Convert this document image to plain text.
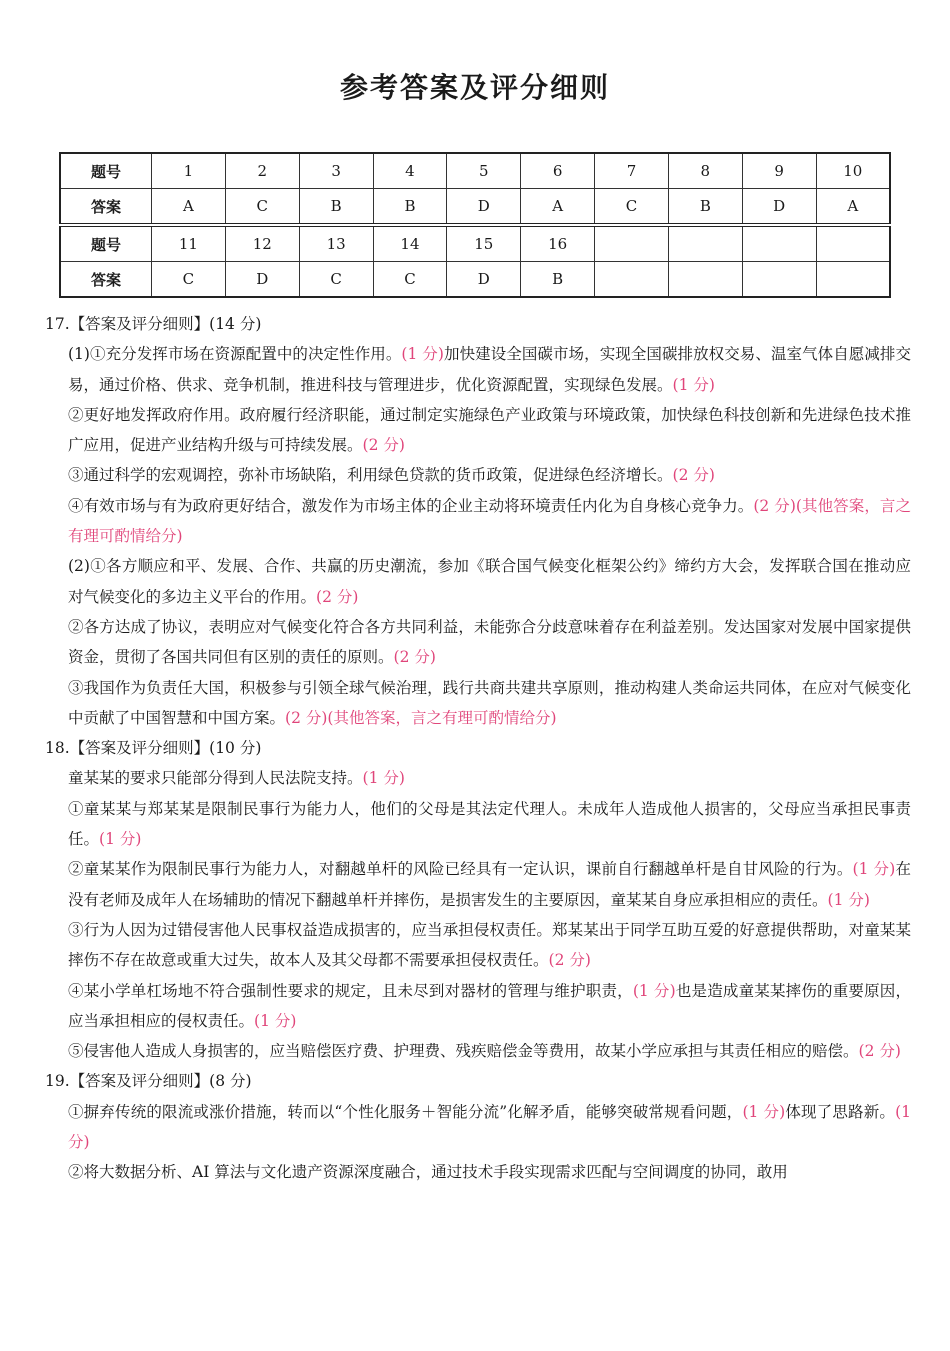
参考答案及评分细则
题号	1	2	3	4	5	6	7	8	9	10
答案	A	C	B	B	D	A	C	B	D	A
题号	11	12	13	14	15	16				
答案	C	D	C	C	D	B				

17.【答案及评分细则】(14 分)

(1)①充分发挥市场在资源配置中的决定性作用。(1 分)加快建设全国碳市场，实现全国碳排放权交易、温室气体自愿减排交易，通过价格、供求、竞争机制，推进科技与管理进步，优化资源配置，实现绿色发展。(1 分)

②更好地发挥政府作用。政府履行经济职能，通过制定实施绿色产业政策与环境政策，加快绿色科技创新和先进绿色技术推广应用，促进产业结构升级与可持续发展。(2 分)

③通过科学的宏观调控，弥补市场缺陷，利用绿色贷款的货币政策，促进绿色经济增长。(2 分)

④有效市场与有为政府更好结合，激发作为市场主体的企业主动将环境责任内化为自身核心竞争力。(2 分)(其他答案，言之有理可酌情给分)

(2)①各方顺应和平、发展、合作、共赢的历史潮流，参加《联合国气候变化框架公约》缔约方大会，发挥联合国在推动应对气候变化的多边主义平台的作用。(2 分)

②各方达成了协议，表明应对气候变化符合各方共同利益，未能弥合分歧意味着存在利益差别。发达国家对发展中国家提供资金，贯彻了各国共同但有区别的责任的原则。(2 分)

③我国作为负责任大国，积极参与引领全球气候治理，践行共商共建共享原则，推动构建人类命运共同体，在应对气候变化中贡献了中国智慧和中国方案。(2 分)(其他答案，言之有理可酌情给分)

18.【答案及评分细则】(10 分)

童某某的要求只能部分得到人民法院支持。(1 分)

①童某某与郑某某是限制民事行为能力人，他们的父母是其法定代理人。未成年人造成他人损害的，父母应当承担民事责任。(1 分)

②童某某作为限制民事行为能力人，对翻越单杆的风险已经具有一定认识，课前自行翻越单杆是自甘风险的行为。(1 分)在没有老师及成年人在场辅助的情况下翻越单杆并摔伤，是损害发生的主要原因，童某某自身应承担相应的责任。(1 分)

③行为人因为过错侵害他人民事权益造成损害的，应当承担侵权责任。郑某某出于同学互助互爱的好意提供帮助，对童某某摔伤不存在故意或重大过失，故本人及其父母都不需要承担侵权责任。(2 分)

④某小学单杠场地不符合强制性要求的规定，且未尽到对器材的管理与维护职责，(1 分)也是造成童某某摔伤的重要原因，应当承担相应的侵权责任。(1 分)

⑤侵害他人造成人身损害的，应当赔偿医疗费、护理费、残疾赔偿金等费用，故某小学应承担与其责任相应的赔偿。(2 分)

19.【答案及评分细则】(8 分)

①摒弃传统的限流或涨价措施，转而以“个性化服务＋智能分流”化解矛盾，能够突破常规看问题，(1 分)体现了思路新。(1 分)

②将大数据分析、AI 算法与文化遗产资源深度融合，通过技术手段实现需求匹配与空间调度的协同，敢用
